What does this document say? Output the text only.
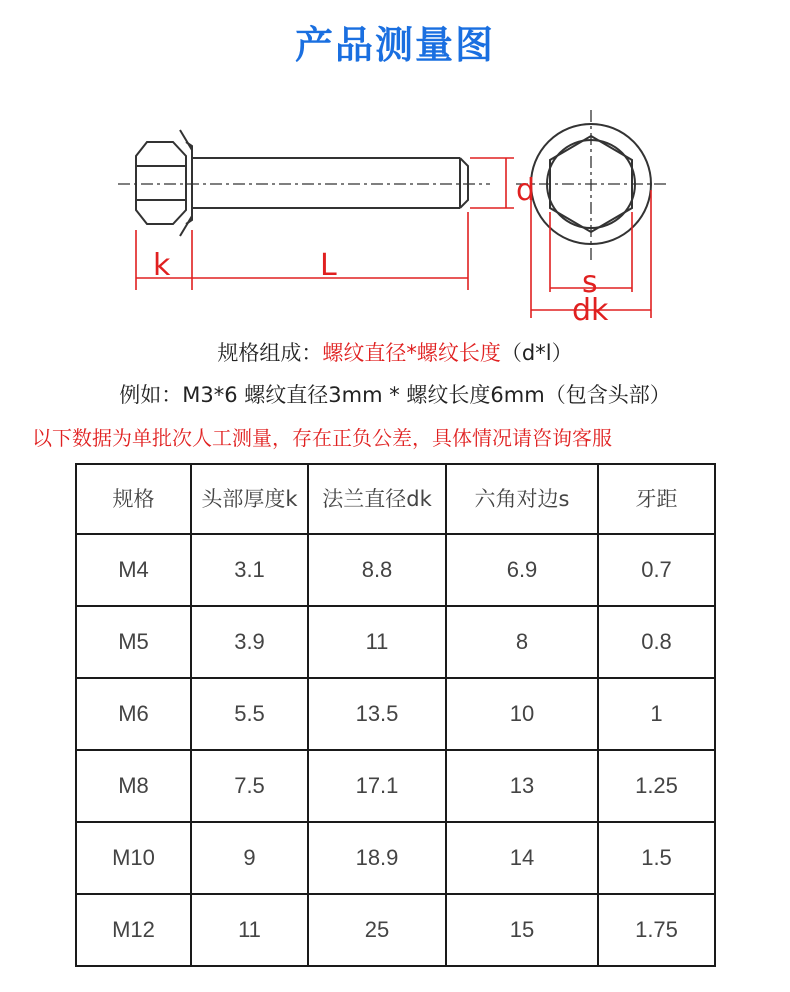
产品测量图
d
k	L	s
dk
规格组成：螺纹直径*螺纹长度（d*l）
例如：M3*6 螺纹直径3mm * 螺纹长度6mm（包含头部）
以下数据为单批次人工测量，存在正负公差，具体情况请咨询客服
规格	头部厚度k	法兰直径dk	六角对边s	牙距
M4	3.1	8.8	6.9	0.7
M5	3.9	11	8	0.8
M6	5.5	13.5	10	1
M8	7.5	17.1	13	1.25
M10	9	18.9	14	1.5
M12	11	25	15	1.75
